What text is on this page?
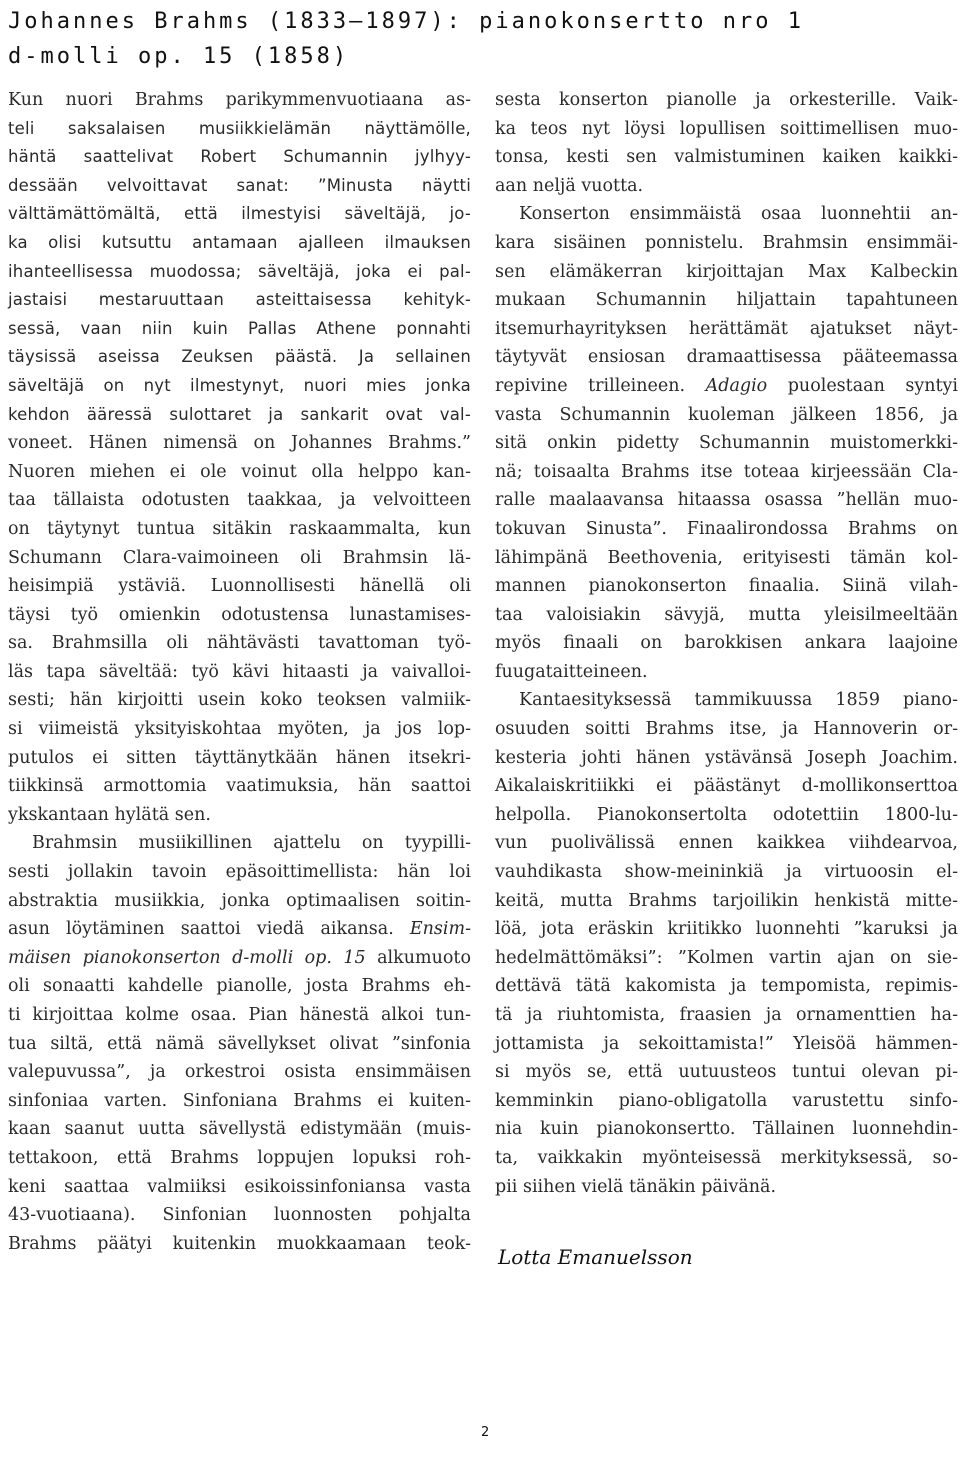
Johannes Brahms (1833–1897): pianokonsertto nro 1
d-molli op. 15 (1858)
Kun nuori Brahms parikymmenvuotiaana as-
teli saksalaisen musiikkielämän näyttämölle,
häntä saattelivat Robert Schumannin jylhyy-
dessään velvoittavat sanat: ”Minusta näytti
välttämättömältä, että ilmestyisi säveltäjä, jo-
ka olisi kutsuttu antamaan ajalleen ilmauksen
ihanteellisessa muodossa; säveltäjä, joka ei pal-
jastaisi mestaruuttaan asteittaisessa kehityk-
sessä, vaan niin kuin Pallas Athene ponnahti
täysissä aseissa Zeuksen päästä. Ja sellainen
säveltäjä on nyt ilmestynyt, nuori mies jonka
kehdon ääressä sulottaret ja sankarit ovat val-
voneet. Hänen nimensä on Johannes Brahms.”
Nuoren miehen ei ole voinut olla helppo kan-
taa tällaista odotusten taakkaa, ja velvoitteen
on täytynyt tuntua sitäkin raskaammalta, kun
Schumann Clara-vaimoineen oli Brahmsin lä-
heisimpiä ystäviä. Luonnollisesti hänellä oli
täysi työ omienkin odotustensa lunastamises-
sa. Brahmsilla oli nähtävästi tavattoman työ-
läs tapa säveltää: työ kävi hitaasti ja vaivalloi-
sesti; hän kirjoitti usein koko teoksen valmiik-
si viimeistä yksityiskohtaa myöten, ja jos lop-
putulos ei sitten täyttänytkään hänen itsekri-
tiikkinsä armottomia vaatimuksia, hän saattoi
ykskantaan hylätä sen.
Brahmsin musiikillinen ajattelu on tyypilli-
sesti jollakin tavoin epäsoittimellista: hän loi
abstraktia musiikkia, jonka optimaalisen soitin-
asun löytäminen saattoi viedä aikansa. Ensim-
mäisen pianokonserton d-molli op. 15 alkumuoto
oli sonaatti kahdelle pianolle, josta Brahms eh-
ti kirjoittaa kolme osaa. Pian hänestä alkoi tun-
tua siltä, että nämä sävellykset olivat ”sinfonia
valepuvussa”, ja orkestroi osista ensimmäisen
sinfoniaa varten. Sinfoniana Brahms ei kuiten-
kaan saanut uutta sävellystä edistymään (muis-
tettakoon, että Brahms loppujen lopuksi roh-
keni saattaa valmiiksi esikoissinfoniansa vasta
43-vuotiaana). Sinfonian luonnosten pohjalta
Brahms päätyi kuitenkin muokkaamaan teok-
sesta konserton pianolle ja orkesterille. Vaik-
ka teos nyt löysi lopullisen soittimellisen muo-
tonsa, kesti sen valmistuminen kaiken kaikki-
aan neljä vuotta.
Konserton ensimmäistä osaa luonnehtii an-
kara sisäinen ponnistelu. Brahmsin ensimmäi-
sen elämäkerran kirjoittajan Max Kalbeckin
mukaan Schumannin hiljattain tapahtuneen
itsemurhayrityksen herättämät ajatukset näyt-
täytyvät ensiosan dramaattisessa pääteemassa
repivine trilleineen. Adagio puolestaan syntyi
vasta Schumannin kuoleman jälkeen 1856, ja
sitä onkin pidetty Schumannin muistomerkki-
nä; toisaalta Brahms itse toteaa kirjeessään Cla-
ralle maalaavansa hitaassa osassa ”hellän muo-
tokuvan Sinusta”. Finaalirondossa Brahms on
lähimpänä Beethovenia, erityisesti tämän kol-
mannen pianokonserton finaalia. Siinä vilah-
taa valoisiakin sävyjä, mutta yleisilmeeltään
myös finaali on barokkisen ankara laajoine
fuugataitteineen.
Kantaesityksessä tammikuussa 1859 piano-
osuuden soitti Brahms itse, ja Hannoverin or-
kesteria johti hänen ystävänsä Joseph Joachim.
Aikalaiskritiikki ei päästänyt d-mollikonserttoa
helpolla. Pianokonsertolta odotettiin 1800-lu-
vun puolivälissä ennen kaikkea viihdearvoa,
vauhdikasta show-meininkiä ja virtuoosin el-
keitä, mutta Brahms tarjoilikin henkistä mitte-
löä, jota eräskin kriitikko luonnehti ”karuksi ja
hedelmättömäksi”: ”Kolmen vartin ajan on sie-
dettävä tätä kakomista ja tempomista, repimis-
tä ja riuhtomista, fraasien ja ornamenttien ha-
jottamista ja sekoittamista!” Yleisöä hämmen-
si myös se, että uutuusteos tuntui olevan pi-
kemminkin piano-obligatolla varustettu sinfo-
nia kuin pianokonsertto. Tällainen luonnehdin-
ta, vaikkakin myönteisessä merkityksessä, so-
pii siihen vielä tänäkin päivänä.

Lotta Emanuelsson

2
